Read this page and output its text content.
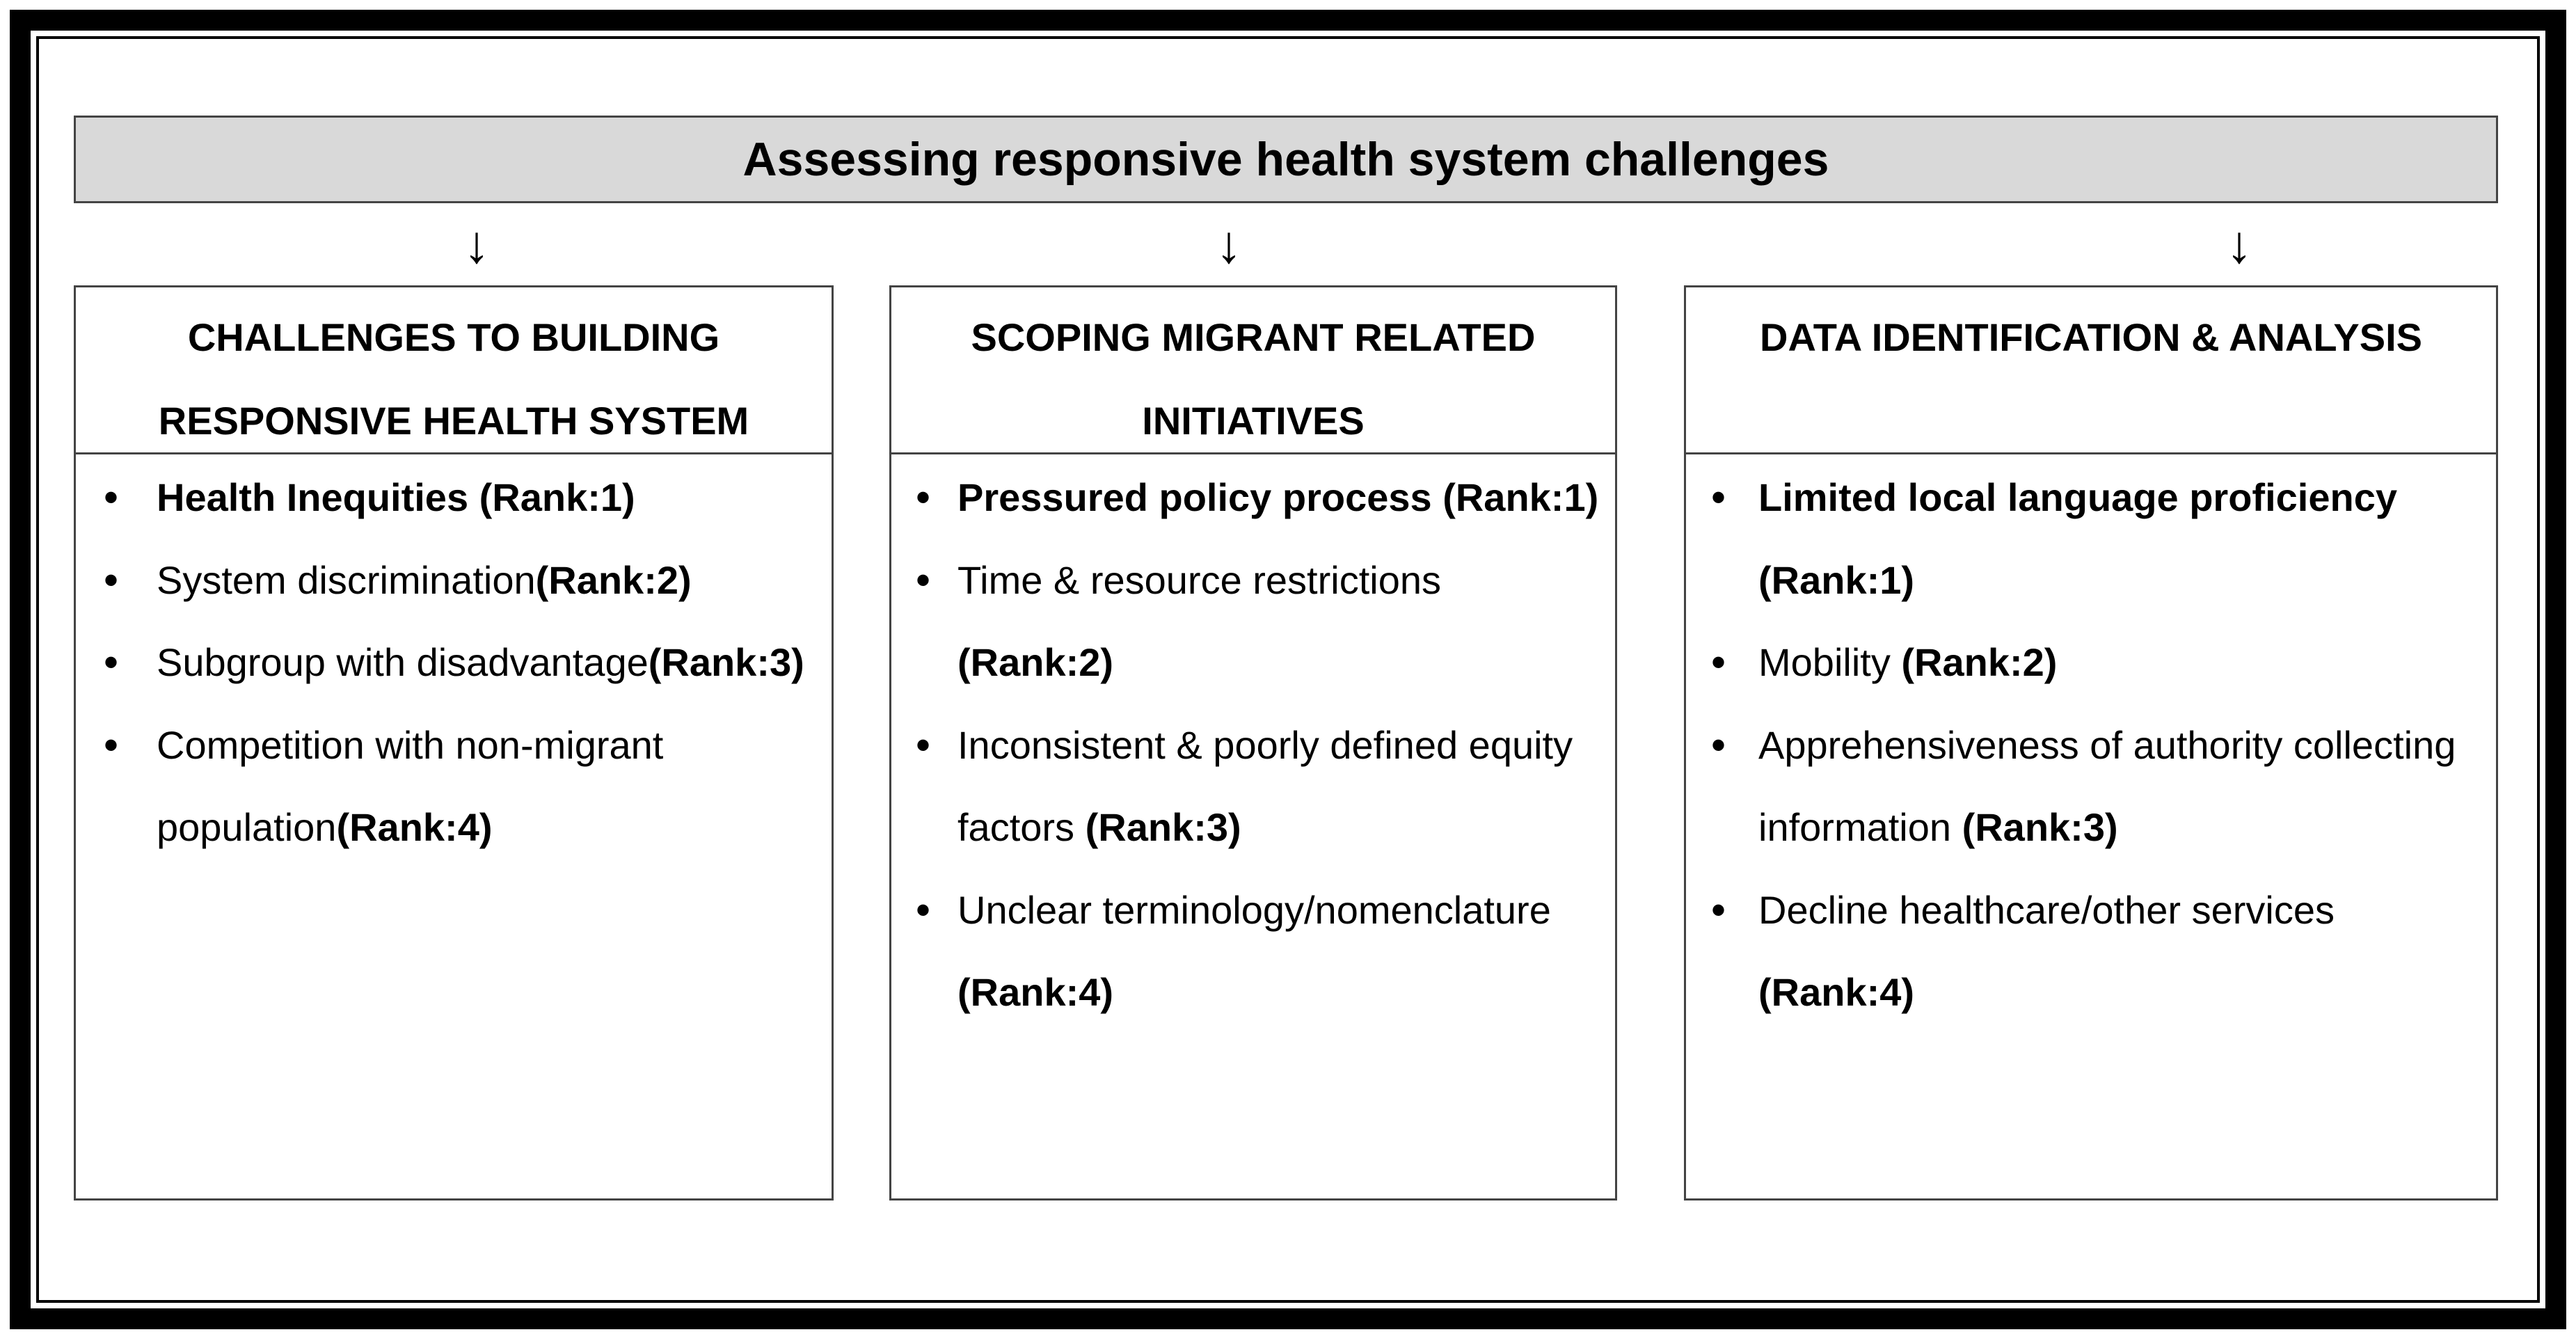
Assessing responsive health system challenges
↓	↓	↓
CHALLENGES TO BUILDING
RESPONSIVE HEALTH SYSTEM
• Health Inequities (Rank:1)
• System discrimination(Rank:2)
• Subgroup with disadvantage(Rank:3)
• Competition with non-migrant population(Rank:4)
SCOPING MIGRANT RELATED
INITIATIVES
• Pressured policy process (Rank:1)
• Time & resource restrictions (Rank:2)
• Inconsistent & poorly defined equity factors (Rank:3)
• Unclear terminology/nomenclature (Rank:4)
DATA IDENTIFICATION & ANALYSIS
• Limited local language proficiency (Rank:1)
• Mobility (Rank:2)
• Apprehensiveness of authority collecting information (Rank:3)
• Decline healthcare/other services (Rank:4)
